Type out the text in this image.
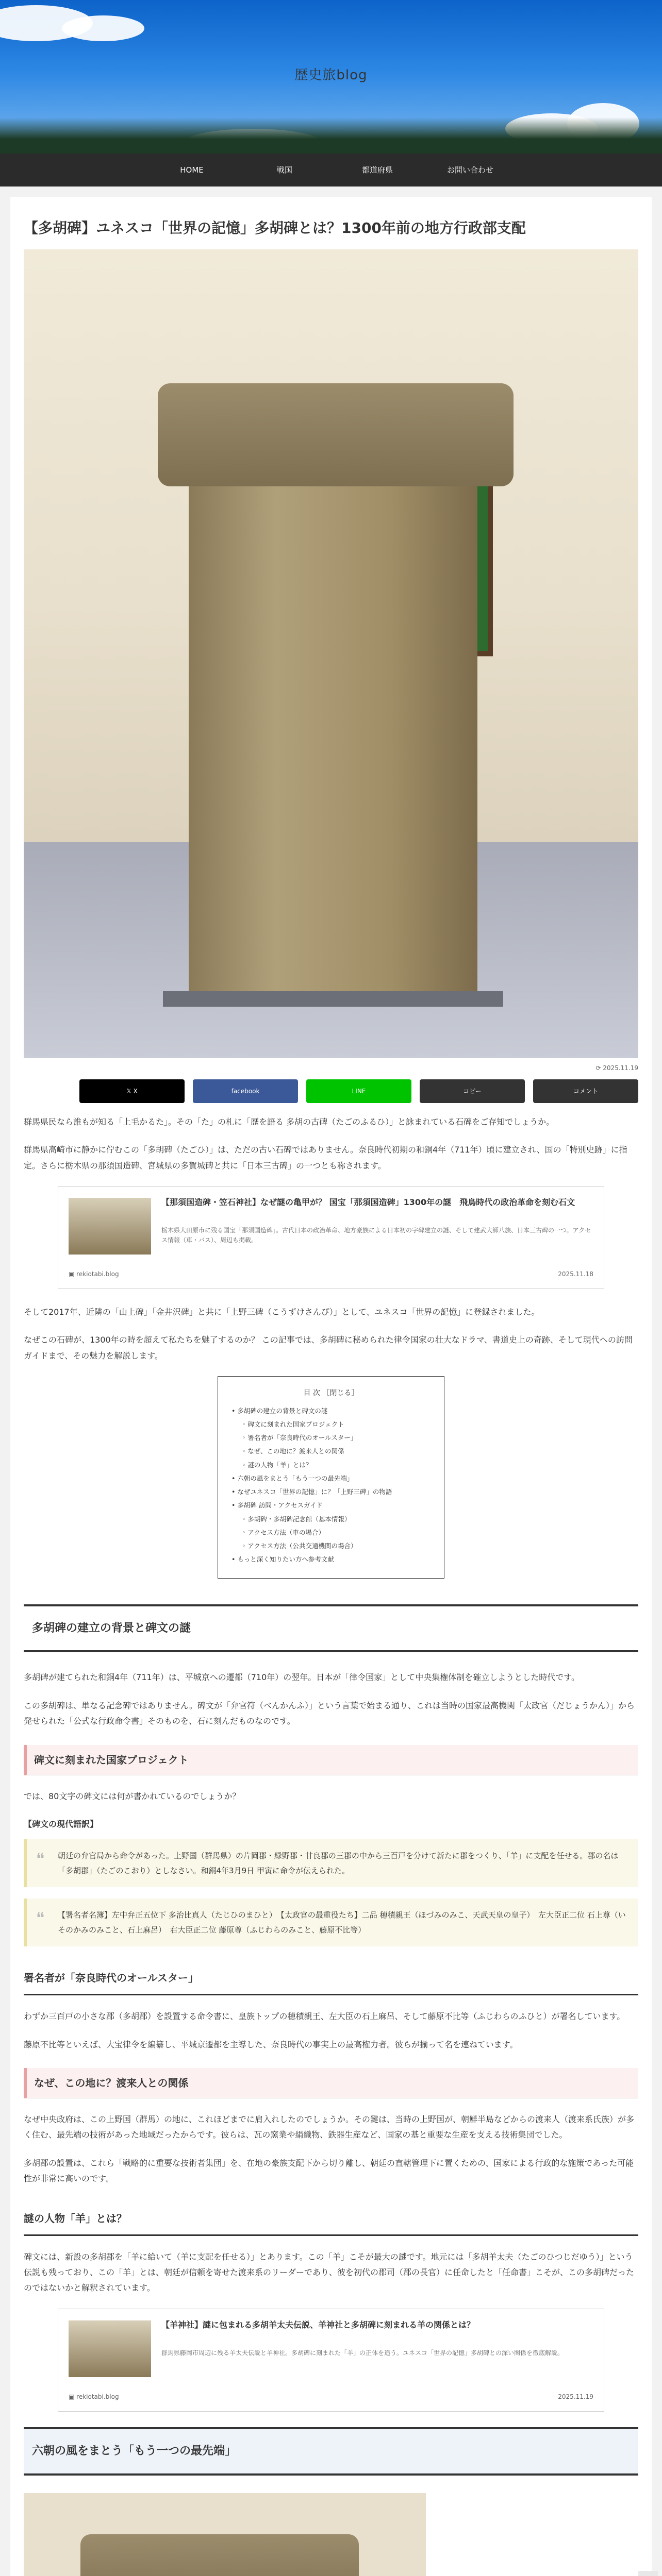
歴史旅blog
HOME	戦国	都道府県	お問い合わせ
【多胡碑】ユネスコ「世界の記憶」多胡碑とは？1300年前の地方行政部支配
⟳ 2025.11.19
𝕏 X	facebook	LINE	コピー	コメント

群馬県民なら誰もが知る「上毛かるた」。その「た」の札に「歴を語る 多胡の古碑（たごのふるひ）」と詠まれている石碑をご存知でしょうか。

群馬県高崎市に静かに佇むこの「多胡碑（たごひ）」は、ただの古い石碑ではありません。奈良時代初期の和銅4年（711年）頃に建立され、国の「特別史跡」に指定。さらに栃木県の那須国造碑、宮城県の多賀城碑と共に「日本三古碑」の一つとも称されます。

【那須国造碑・笠石神社】なぜ謎の亀甲が？ 国宝「那須国造碑」1300年の謎　飛鳥時代の政治革命を刻む石文
栃木県大田原市に残る国宝「那須国造碑」。古代日本の政治革命、地方豪族による日本初の字碑建立の謎、そして建武大師八族、日本三古碑の一つ。アクセス情報（車・バス）、周辺も掲載。
▣ rekiotabi.blog	2025.11.18

そして2017年、近隣の「山上碑」「金井沢碑」と共に「上野三碑（こうずけさんぴ）」として、ユネスコ「世界の記憶」に登録されました。

なぜこの石碑が、1300年の時を超えて私たちを魅了するのか？ この記事では、多胡碑に秘められた律令国家の壮大なドラマ、書道史上の奇跡、そして現代への訪問ガイドまで、その魅力を解説します。

目 次 ［閉じる］
• 多胡碑の建立の背景と碑文の謎
◦ 碑文に刻まれた国家プロジェクト
◦ 署名者が「奈良時代のオールスター」
◦ なぜ、この地に？渡来人との関係
◦ 謎の人物「羊」とは？
• 六朝の風をまとう「もう一つの最先端」
• なぜユネスコ「世界の記憶」に？「上野三碑」の物語
• 多胡碑 訪問・アクセスガイド
◦ 多胡碑・多胡碑記念館（基本情報）
◦ アクセス方法（車の場合）
◦ アクセス方法（公共交通機関の場合）
• もっと深く知りたい方へ参考文献
多胡碑の建立の背景と碑文の謎

多胡碑が建てられた和銅4年（711年）は、平城京への遷都（710年）の翌年。日本が「律令国家」として中央集権体制を確立しようとした時代です。

この多胡碑は、単なる記念碑ではありません。碑文が「弁官符（べんかんふ）」という言葉で始まる通り、これは当時の国家最高機関「太政官（だじょうかん）」から発せられた「公式な行政命令書」そのものを、石に刻んだものなのです。

碑文に刻まれた国家プロジェクト

では、80文字の碑文には何が書かれているのでしょうか？

【碑文の現代語訳】
❝ 朝廷の弁官局から命令があった。上野国（群馬県）の片岡郡・緑野郡・甘良郡の三郡の中から三百戸を分けて新たに郡をつくり、「羊」に支配を任せる。郡の名は「多胡郡」（たごのこおり）としなさい。和銅4年3月9日 甲寅に命令が伝えられた。
❝ 【署名者名簿】左中弁正五位下 多治比真人（たじひのまひと）　【太政官の最重役たち】二品 穂積親王（ほづみのみこ、天武天皇の皇子）　左大臣正二位 石上尊（いそのかみのみこと、石上麻呂）　右大臣正二位 藤原尊（ふじわらのみこと、藤原不比等）
署名者が「奈良時代のオールスター」

わずか三百戸の小さな郡（多胡郡）を設置する命令書に、皇族トップの穂積親王、左大臣の石上麻呂、そして藤原不比等（ふじわらのふひと）が署名しています。

藤原不比等といえば、大宝律令を編纂し、平城京遷都を主導した、奈良時代の事実上の最高権力者。彼らが揃って名を連ねています。

なぜ、この地に？渡来人との関係

なぜ中央政府は、この上野国（群馬）の地に、これほどまでに肩入れしたのでしょうか。その鍵は、当時の上野国が、朝鮮半島などからの渡来人（渡来系氏族）が多く住む、最先端の技術があった地域だったからです。彼らは、瓦の窯業や絹織物、鉄器生産など、国家の基と重要な生産を支える技術集団でした。

多胡郡の設置は、これら「戦略的に重要な技術者集団」を、在地の豪族支配下から切り離し、朝廷の直轄管理下に置くための、国家による行政的な施策であった可能性が非常に高いのです。

謎の人物「羊」とは？

碑文には、新設の多胡郡を「羊に給いて（羊に支配を任せる）」とあります。この「羊」こそが最大の謎です。地元には「多胡羊太夫（たごのひつじだゆう）」という伝説も残っており、この「羊」とは、朝廷が信頼を寄せた渡来系のリーダーであり、彼を初代の郡司（郡の長官）に任命したと「任命書」こそが、この多胡碑だったのではないかと解釈されています。

【羊神社】謎に包まれる多胡羊太夫伝説、羊神社と多胡碑に刻まれる羊の関係とは？
群馬県藤岡市周辺に残る羊太夫伝説と羊神社。多胡碑に刻まれた「羊」の正体を追う。ユネスコ「世界の記憶」多胡碑との深い関係を徹底解説。
▣ rekiotabi.blog	2025.11.19
六朝の風をまとう「もう一つの最先端」
